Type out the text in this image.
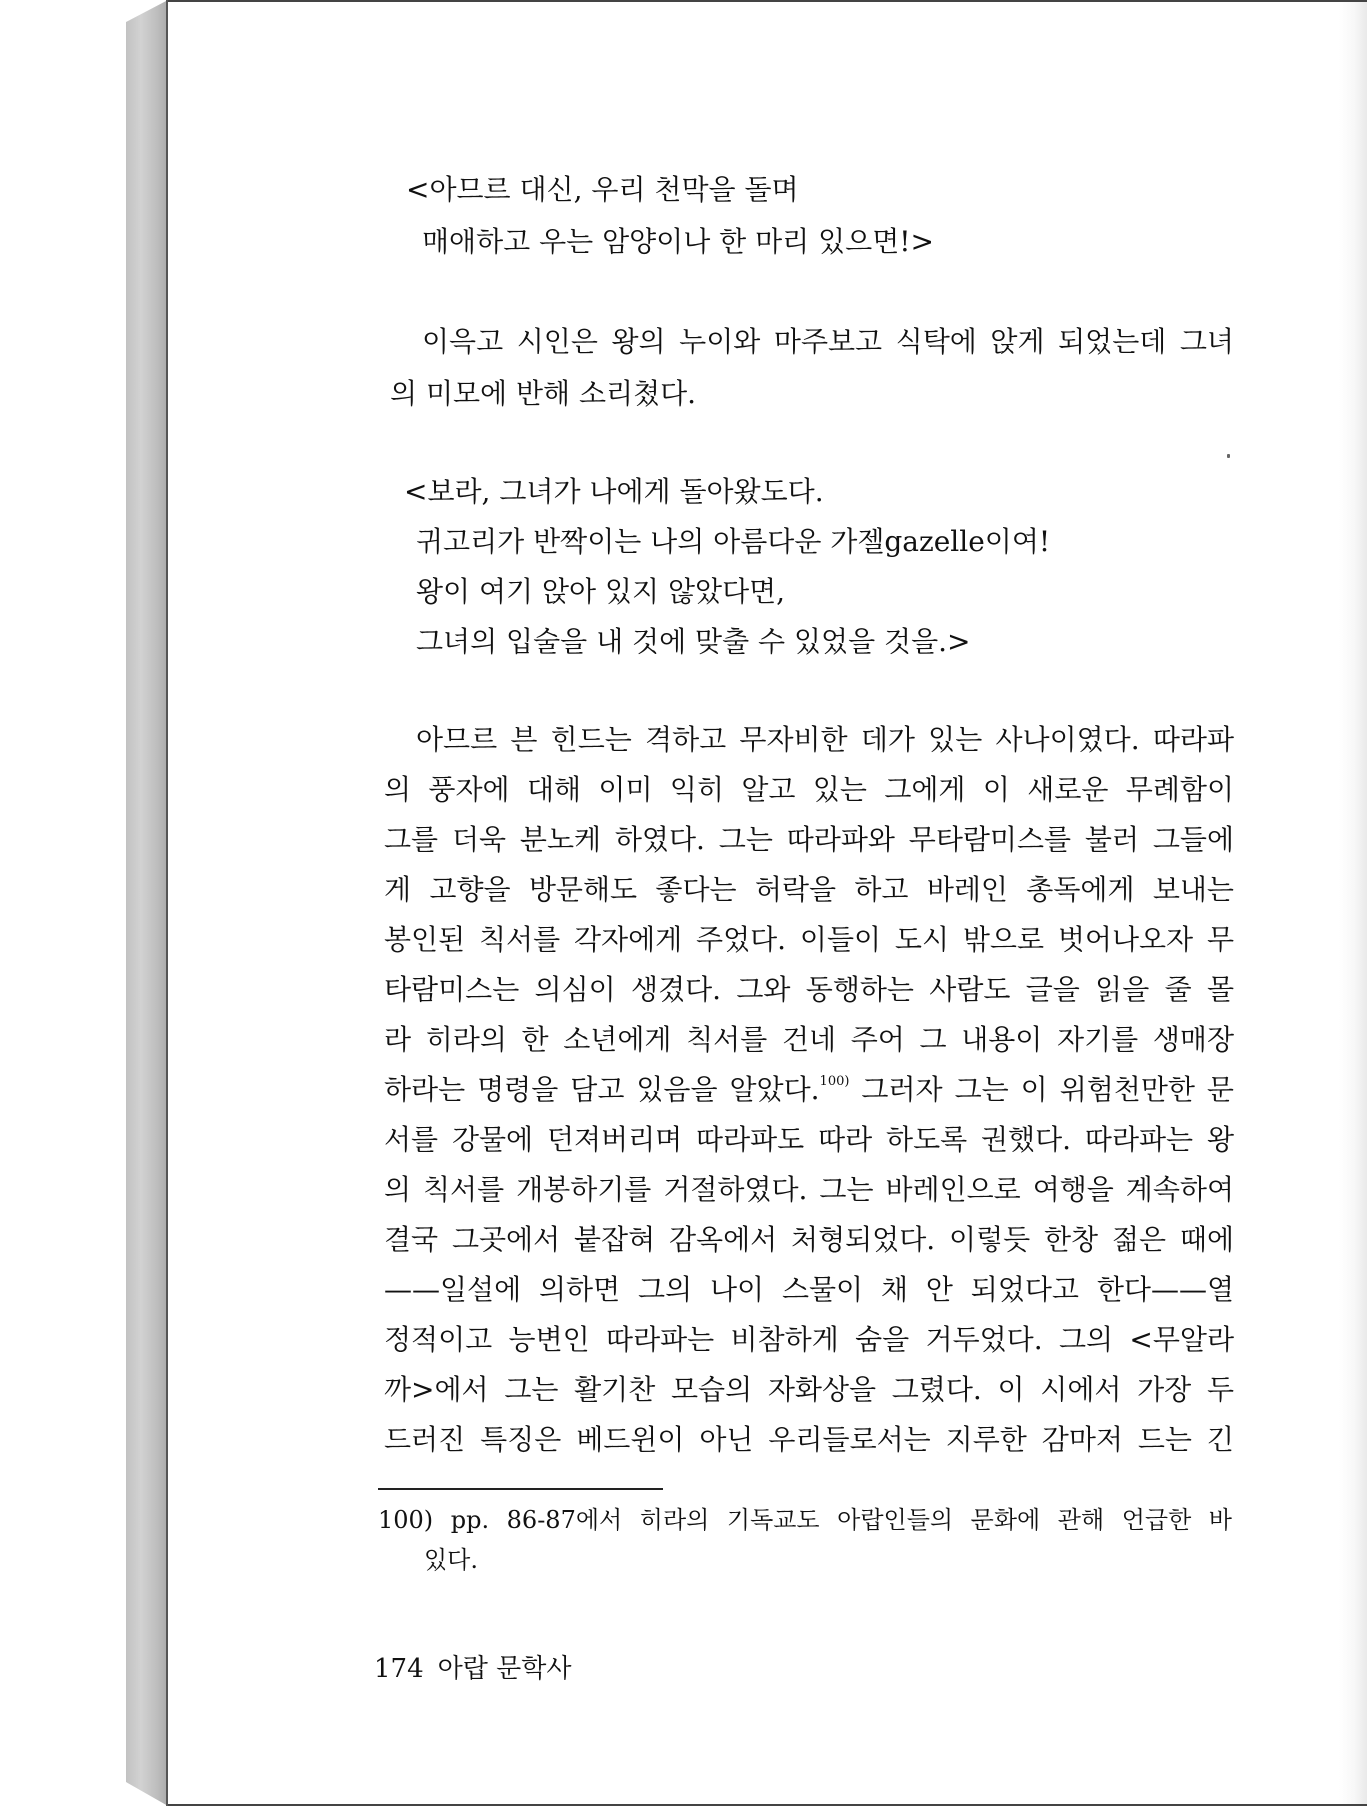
<아므르 대신, 우리 천막을 돌며
매애하고 우는 암양이나 한 마리 있으면!>
이윽고 시인은 왕의 누이와 마주보고 식탁에 앉게 되었는데 그녀
의 미모에 반해 소리쳤다.
<보라, 그녀가 나에게 돌아왔도다.
귀고리가 반짝이는 나의 아름다운 가젤gazelle이여!
왕이 여기 앉아 있지 않았다면,
그녀의 입술을 내 것에 맞출 수 있었을 것을.>
아므르 븐 힌드는 격하고 무자비한 데가 있는 사나이였다. 따라파
의 풍자에 대해 이미 익히 알고 있는 그에게 이 새로운 무례함이
그를 더욱 분노케 하였다. 그는 따라파와 무타람미스를 불러 그들에
게 고향을 방문해도 좋다는 허락을 하고 바레인 총독에게 보내는
봉인된 칙서를 각자에게 주었다. 이들이 도시 밖으로 벗어나오자 무
타람미스는 의심이 생겼다. 그와 동행하는 사람도 글을 읽을 줄 몰
라 히라의 한 소년에게 칙서를 건네 주어 그 내용이 자기를 생매장
하라는 명령을 담고 있음을 알았다.$^{100)}$ 그러자 그는 이 위험천만한 문
서를 강물에 던져버리며 따라파도 따라 하도록 권했다. 따라파는 왕
의 칙서를 개봉하기를 거절하였다. 그는 바레인으로 여행을 계속하여
결국 그곳에서 붙잡혀 감옥에서 처형되었다. 이렇듯 한창 젊은 때에
——일설에 의하면 그의 나이 스물이 채 안 되었다고 한다——열
정적이고 능변인 따라파는 비참하게 숨을 거두었다. 그의 <무알라
까>에서 그는 활기찬 모습의 자화상을 그렸다. 이 시에서 가장 두
드러진 특징은 베드윈이 아닌 우리들로서는 지루한 감마저 드는 긴
100) pp. 86-87에서 히라의 기독교도 아랍인들의 문화에 관해 언급한 바
있다.
174 아랍 문학사
